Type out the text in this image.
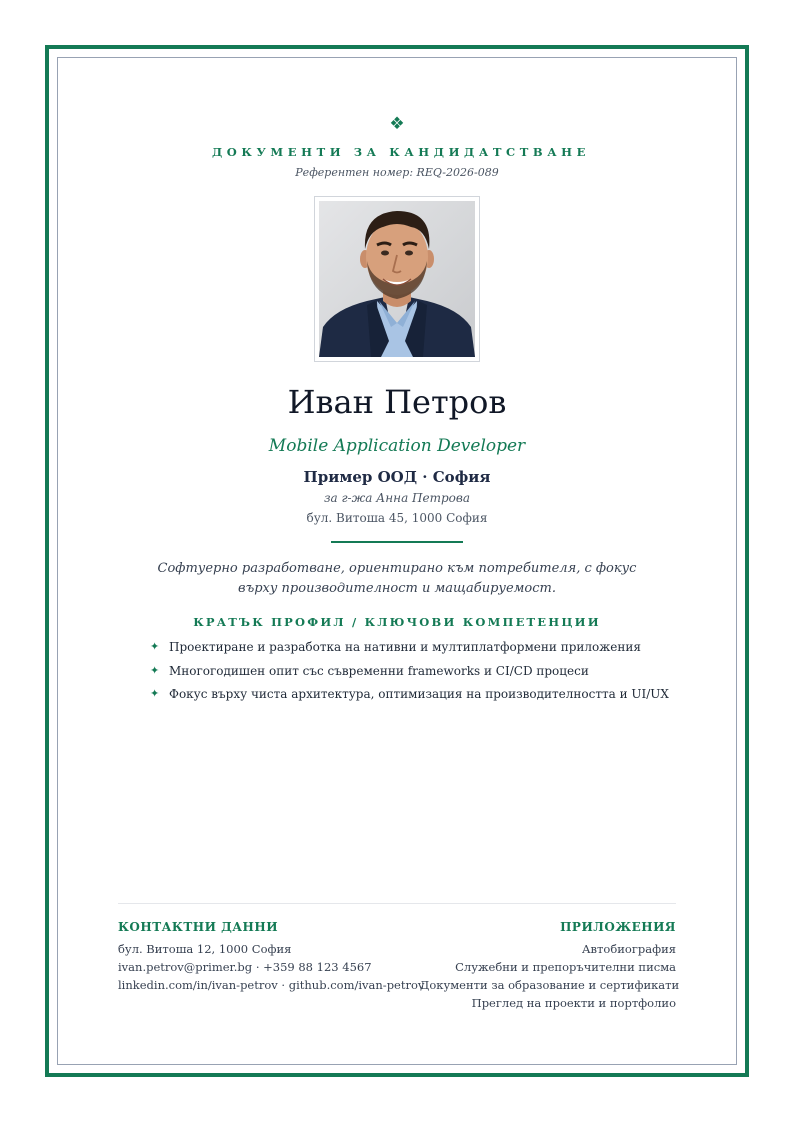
❖
ДОКУМЕНТИ ЗА КАНДИДАТСТВАНЕ
Референтен номер: REQ-2026-089
Иван Петров
Mobile Application Developer
Пример ООД · София
за г-жа Анна Петрова
бул. Витоша 45, 1000 София
Софтуерно разработване, ориентирано към потребителя, с фокус върху производителност и мащабируемост.
КРАТЪК ПРОФИЛ / КЛЮЧОВИ КОМПЕТЕНЦИИ
✦ Проектиране и разработка на нативни и мултиплатформени приложения
✦ Многогодишен опит със съвременни frameworks и CI/CD процеси
✦ Фокус върху чиста архитектура, оптимизация на производителността и UI/UX
КОНТАКТНИ ДАННИ
бул. Витоша 12, 1000 София
ivan.petrov@primer.bg · +359 88 123 4567
linkedin.com/in/ivan-petrov · github.com/ivan-petrov
ПРИЛОЖЕНИЯ
Автобиография
Служебни и препоръчителни писма
Документи за образование и сертификати
Преглед на проекти и портфолио
